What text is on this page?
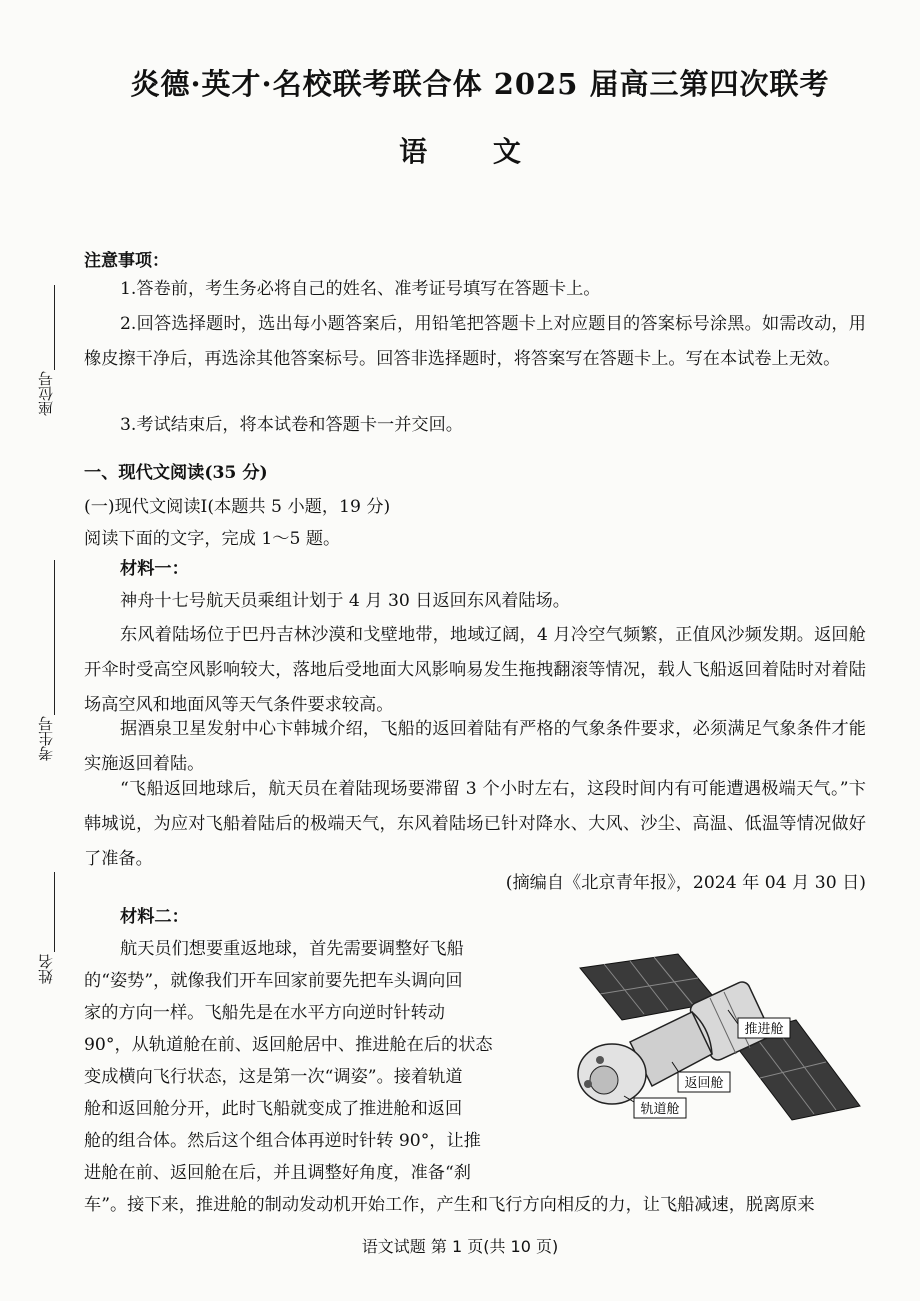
炎德·英才·名校联考联合体 2025 届高三第四次联考
语 文
座位号
考生号
姓名
注意事项：
1.答卷前，考生务必将自己的姓名、准考证号填写在答题卡上。
2.回答选择题时，选出每小题答案后，用铅笔把答题卡上对应题目的答案标号涂黑。如需改动，用橡皮擦干净后，再选涂其他答案标号。回答非选择题时，将答案写在答题卡上。写在本试卷上无效。
3.考试结束后，将本试卷和答题卡一并交回。
一、现代文阅读(35 分)
(一)现代文阅读Ⅰ(本题共 5 小题，19 分)
阅读下面的文字，完成 1～5 题。
材料一：
神舟十七号航天员乘组计划于 4 月 30 日返回东风着陆场。
东风着陆场位于巴丹吉林沙漠和戈壁地带，地域辽阔，4 月冷空气频繁，正值风沙频发期。返回舱开伞时受高空风影响较大，落地后受地面大风影响易发生拖拽翻滚等情况，载人飞船返回着陆时对着陆场高空风和地面风等天气条件要求较高。
据酒泉卫星发射中心卞韩城介绍，飞船的返回着陆有严格的气象条件要求，必须满足气象条件才能实施返回着陆。
“飞船返回地球后，航天员在着陆现场要滞留 3 个小时左右，这段时间内有可能遭遇极端天气。”卞韩城说，为应对飞船着陆后的极端天气，东风着陆场已针对降水、大风、沙尘、高温、低温等情况做好了准备。
(摘编自《北京青年报》，2024 年 04 月 30 日)
材料二：
航天员们想要重返地球，首先需要调整好飞船
的“姿势”，就像我们开车回家前要先把车头调向回
家的方向一样。飞船先是在水平方向逆时针转动
90°，从轨道舱在前、返回舱居中、推进舱在后的状态
变成横向飞行状态，这是第一次“调姿”。接着轨道
舱和返回舱分开，此时飞船就变成了推进舱和返回
舱的组合体。然后这个组合体再逆时针转 90°，让推
进舱在前、返回舱在后，并且调整好角度，准备“刹
车”。接下来，推进舱的制动发动机开始工作，产生和飞行方向相反的力，让飞船减速，脱离原来
推进舱
返回舱
轨道舱
语文试题 第 1 页(共 10 页)
